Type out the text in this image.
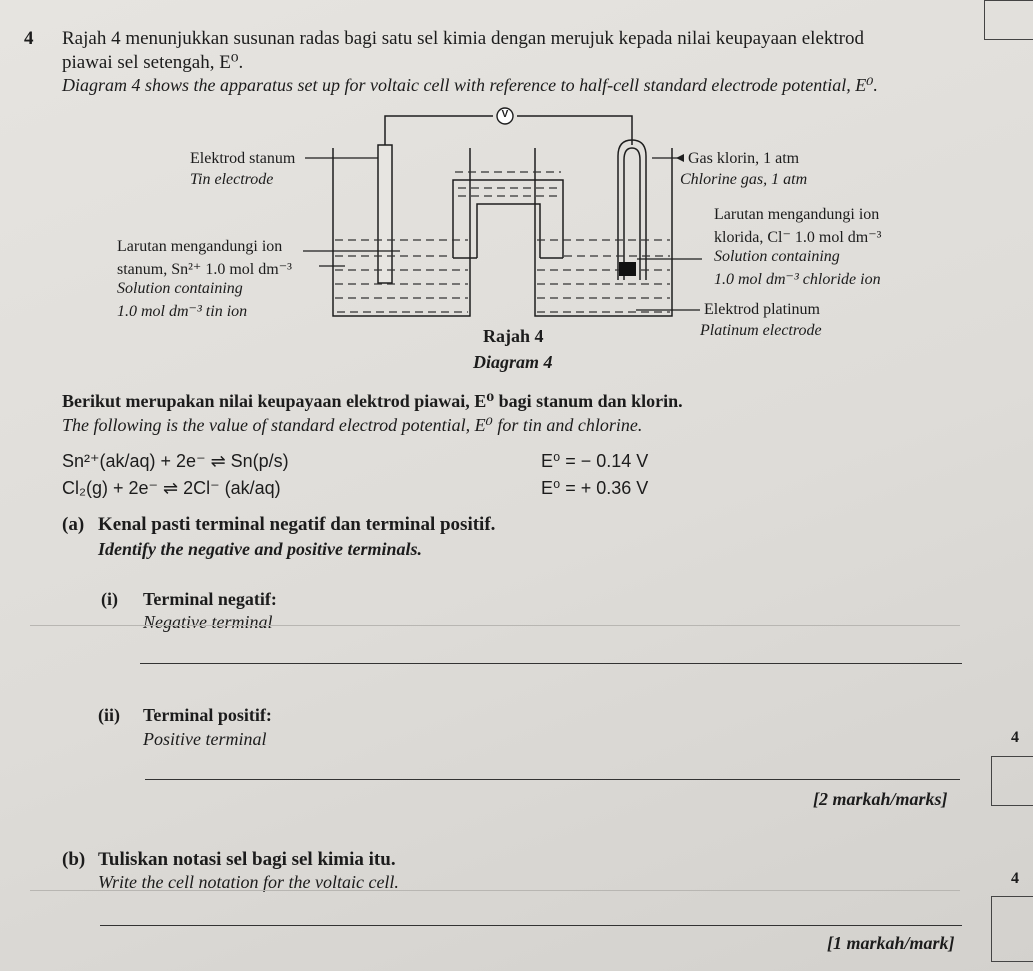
4 Rajah 4 menunjukkan susunan radas bagi satu sel kimia dengan merujuk kepada nilai keupayaan elektrod
piawai sel setengah, E⁰.
Diagram 4 shows the apparatus set up for voltaic cell with reference to half-cell standard electrode potential, E⁰.
V
Elektrod stanum
Tin electrode
Larutan mengandungi ion
stanum, Sn²⁺ 1.0 mol dm⁻³
Solution containing
1.0 mol dm⁻³ tin ion
Gas klorin, 1 atm
Chlorine gas, 1 atm
Larutan mengandungi ion
klorida, Cl⁻ 1.0 mol dm⁻³
Solution containing
1.0 mol dm⁻³ chloride ion
Elektrod platinum
Platinum electrode
Rajah 4
Diagram 4
Berikut merupakan nilai keupayaan elektrod piawai, E⁰ bagi stanum dan klorin.
The following is the value of standard electrod potential, E⁰ for tin and chlorine.
Sn²⁺(ak/aq) + 2e⁻ ⇌ Sn(p/s)	E⁰ = − 0.14 V
Cl₂(g) + 2e⁻ ⇌ 2Cl⁻ (ak/aq)	E⁰ = + 0.36 V
(a) Kenal pasti terminal negatif dan terminal positif.
Identify the negative and positive terminals.
(i) Terminal negatif:
Negative terminal
(ii) Terminal positif:
Positive terminal	4
[2 markah/marks]
(b) Tuliskan notasi sel bagi sel kimia itu.
Write the cell notation for the voltaic cell.	4
[1 markah/mark]
